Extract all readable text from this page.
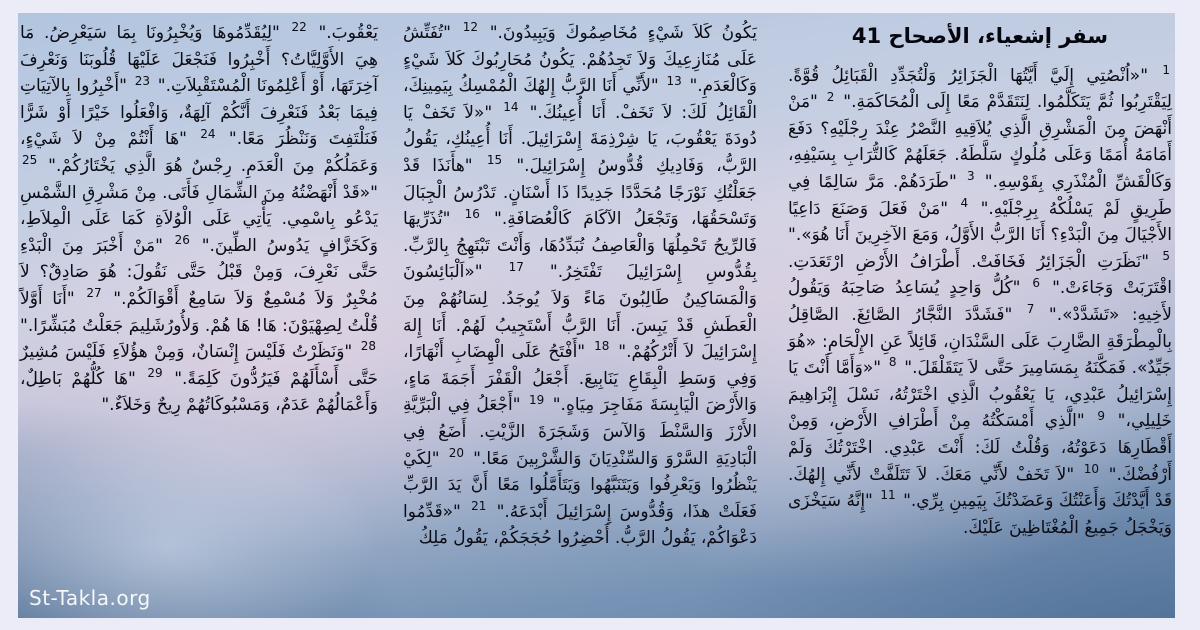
سفر إشعياء، الأصحاح 41
$^1$ "«اُنْصُتِي إِلَيَّ أَيَّتُهَا الْجَزَائِرُ وَلْتُجَدِّدِ الْقَبَائِلُ قُوَّةً. لِيَقْتَرِبُوا ثُمَّ يَتَكَلَّمُوا. لِنَتَقَدَّمْ مَعًا إِلَى الْمُحَاكَمَةِ." $^2$ "مَنْ أَنْهَضَ مِنَ الْمَشْرِقِ الَّذِي يُلاَقِيهِ النَّصْرُ عِنْدَ رِجْلَيْهِ؟ دَفَعَ أَمَامَهُ أُمَمًا وَعَلَى مُلُوكٍ سَلَّطَهُ. جَعَلَهُمْ كَالتُّرَابِ بِسَيْفِهِ، وَكَالْقَشِّ الْمُنْذَرِي بِقَوْسِهِ." $^3$ "طَرَدَهُمْ. مَرَّ سَالِمًا فِي طَرِيقٍ لَمْ يَسْلُكْهُ بِرِجْلَيْهِ." $^4$ "مَنْ فَعَلَ وَصَنَعَ دَاعِيًا الأَجْيَالَ مِنَ الْبَدْءِ؟ أَنَا الرَّبُّ الأَوَّلُ، وَمَعَ الآخِرِينَ أَنَا هُوَ»." $^5$ "نَظَرَتِ الْجَزَائِرُ فَخَافَتْ. أَطْرَافُ الأَرْضِ ارْتَعَدَتِ. اقْتَرَبَتْ وَجَاءَتْ." $^6$ "كُلُّ وَاحِدٍ يُسَاعِدُ صَاحِبَهُ وَيَقُولُ لأَخِيهِ: «تَشَدَّدْ»." $^7$ "فَشَدَّدَ النَّجَّارُ الصَّائِغَ. الصَّاقِلُ بِالْمِطْرَقَةِ الضَّارِبَ عَلَى السَّنْدَانِ، قَائِلاً عَنِ الإِلْحَامِ: «هُوَ جَيِّدٌ». فَمَكَّنَهُ بِمَسَامِيرَ حَتَّى لاَ يَتَقَلْقَلَ." $^8$ "«وَأَمَّا أَنْتَ يَا إِسْرَائِيلُ عَبْدِي، يَا يَعْقُوبُ الَّذِي اخْتَرْتُهُ، نَسْلَ إِبْرَاهِيمَ خَلِيلِي،" $^9$ "الَّذِي أَمْسَكْتُهُ مِنْ أَطْرَافِ الأَرْضِ، وَمِنْ أَقْطَارِهَا دَعَوْتُهُ، وَقُلْتُ لَكَ: أَنْتَ عَبْدِي. اخْتَرْتُكَ وَلَمْ أَرْفُضْكَ." $^{10}$ "لاَ تَخَفْ لأَنِّي مَعَكَ. لاَ تَتَلَفَّتْ لأَنِّي إِلهُكَ. قَدْ أَيَّدْتُكَ وَأَعَنْتُكَ وَعَضَدْتُكَ بِيَمِينِ بِرِّي." $^{11}$ "إِنَّهُ سَيَخْزَى وَيَخْجَلُ جَمِيعُ الْمُغْتَاظِينَ عَلَيْكَ.
يَكُونُ كَلاَ شَيْءٍ مُخَاصِمُوكَ وَيَبِيدُونَ." $^{12}$ "تُفَتِّشُ عَلَى مُنَازِعِيكَ وَلاَ تَجِدُهُمْ. يَكُونُ مُحَارِبُوكَ كَلاَ شَيْءٍ وَكَالْعَدَمِ." $^{13}$ "لأَنِّي أَنَا الرَّبُّ إِلهُكَ الْمُمْسِكُ بِيَمِينِكَ، الْقَائِلُ لَكَ: لاَ تَخَفْ. أَنَا أُعِينُكَ." $^{14}$ "«لاَ تَخَفْ يَا دُودَةَ يَعْقُوبَ، يَا شِرْذِمَةَ إِسْرَائِيلَ. أَنَا أُعِينُكِ، يَقُولُ الرَّبُّ، وَفَادِيكِ قُدُّوسُ إِسْرَائِيلَ." $^{15}$ "هأَنَذَا قَدْ جَعَلْتُكِ نَوْرَجًا مُحَدَّدًا جَدِيدًا ذَا أَسْنَانٍ. تَدْرُسُ الْجِبَالَ وَتَسْحَقُهَا، وَتَجْعَلُ الآكَامَ كَالْعُصَافَةِ." $^{16}$ "تُذَرِّيهَا فَالرِّيحُ تَحْمِلُهَا وَالْعَاصِفُ تُبَدِّدُهَا، وَأَنْتَ تَبْتَهِجُ بِالرَّبِّ. بِقُدُّوسِ إِسْرَائِيلَ تَفْتَخِرُ." $^{17}$ "«اَلْبَائِسُونَ وَالْمَسَاكِينُ طَالِبُونَ مَاءً وَلاَ يُوجَدُ. لِسَانُهُمْ مِنَ الْعَطَشِ قَدْ يَبِسَ. أَنَا الرَّبُّ أَسْتَجِيبُ لَهُمْ. أَنَا إِلهَ إِسْرَائِيلَ لاَ أَتْرُكُهُمْ." $^{18}$ "أَفْتَحُ عَلَى الْهِضَابِ أَنْهَارًا، وَفِي وَسَطِ الْبِقَاعِ يَنَابِيعَ. أَجْعَلُ الْقَفْرَ أَجَمَةَ مَاءٍ، وَالأَرْضَ الْيَابِسَةَ مَفَاجِرَ مِيَاهٍ." $^{19}$ "أَجْعَلُ فِي الْبَرِّيَّةِ الأَرْزَ وَالسَّنْطَ وَالآسَ وَشَجَرَةَ الزَّيْتِ. أَضَعُ فِي الْبَادِيَةِ السَّرْوَ وَالسِّنْدِيَانَ وَالشَّرْبِينَ مَعًا." $^{20}$ "لِكَيْ يَنْظُرُوا وَيَعْرِفُوا وَيَتَنَبَّهُوا وَيَتَأَمَّلُوا مَعًا أَنَّ يَدَ الرَّبِّ فَعَلَتْ هذَا، وَقُدُّوسَ إِسْرَائِيلَ أَبْدَعَهُ." $^{21}$ "«قَدِّمُوا دَعْوَاكُمْ، يَقُولُ الرَّبُّ. أَحْضِرُوا حُجَجَكُمْ، يَقُولُ مَلِكُ
يَعْقُوبَ." $^{22}$ "لِيُقَدِّمُوهَا وَيُخْبِرُونَا بِمَا سَيَعْرِضُ. مَا هِيَ الأَوَّلِيَّاتُ؟ أَخْبِرُوا فَنَجْعَلَ عَلَيْهَا قُلُوبَنَا وَنَعْرِفَ آخِرَتَهَا، أَوْ أَعْلِمُونَا الْمُسْتَقْبِلاَتِ." $^{23}$ "أَخْبِرُوا بِالآتِيَاتِ فِيمَا بَعْدُ فَنَعْرِفَ أَنَّكُمْ آلِهَةٌ، وَافْعَلُوا خَيْرًا أَوْ شَرًّا فَنَلْتَفِتَ وَنَنْظُرَ مَعًا." $^{24}$ "هَا أَنْتُمْ مِنْ لاَ شَيْءٍ، وَعَمَلُكُمْ مِنَ الْعَدَمِ. رِجْسٌ هُوَ الَّذِي يَخْتَارُكُمْ." $^{25}$ "«قَدْ أَنْهَضْتُهُ مِنَ الشِّمَالِ فَأَتَى. مِنْ مَشْرِقِ الشَّمْسِ يَدْعُو بِاسْمِي. يَأْتِي عَلَى الْوُلاَةِ كَمَا عَلَى الْمِلاَطِ، وَكَخَزَّافٍ يَدُوسُ الطِّينَ." $^{26}$ "مَنْ أَخْبَرَ مِنَ الْبَدْءِ حَتَّى نَعْرِفَ، وَمِنْ قَبْلُ حَتَّى نَقُولَ: هُوَ صَادِقٌ؟ لاَ مُخْبِرٌ وَلاَ مُسْمِعٌ وَلاَ سَامِعٌ أَقْوَالَكُمْ." $^{27}$ "أَنَا أَوَّلاً قُلْتُ لِصِهْيَوْنَ: هَا! هَا هُمْ. وَلأُورُشَلِيمَ جَعَلْتُ مُبَشِّرًا." $^{28}$ "وَنَظَرْتُ فَلَيْسَ إِنْسَانٌ، وَمِنْ هؤُلاَءِ فَلَيْسَ مُشِيرٌ حَتَّى أَسْأَلَهُمْ فَيَرُدُّونَ كَلِمَةً." $^{29}$ "هَا كُلُّهُمْ بَاطِلٌ، وَأَعْمَالُهُمْ عَدَمٌ، وَمَسْبُوكَاتُهُمْ رِيحٌ وَخَلاَءٌ."
St-Takla.org
